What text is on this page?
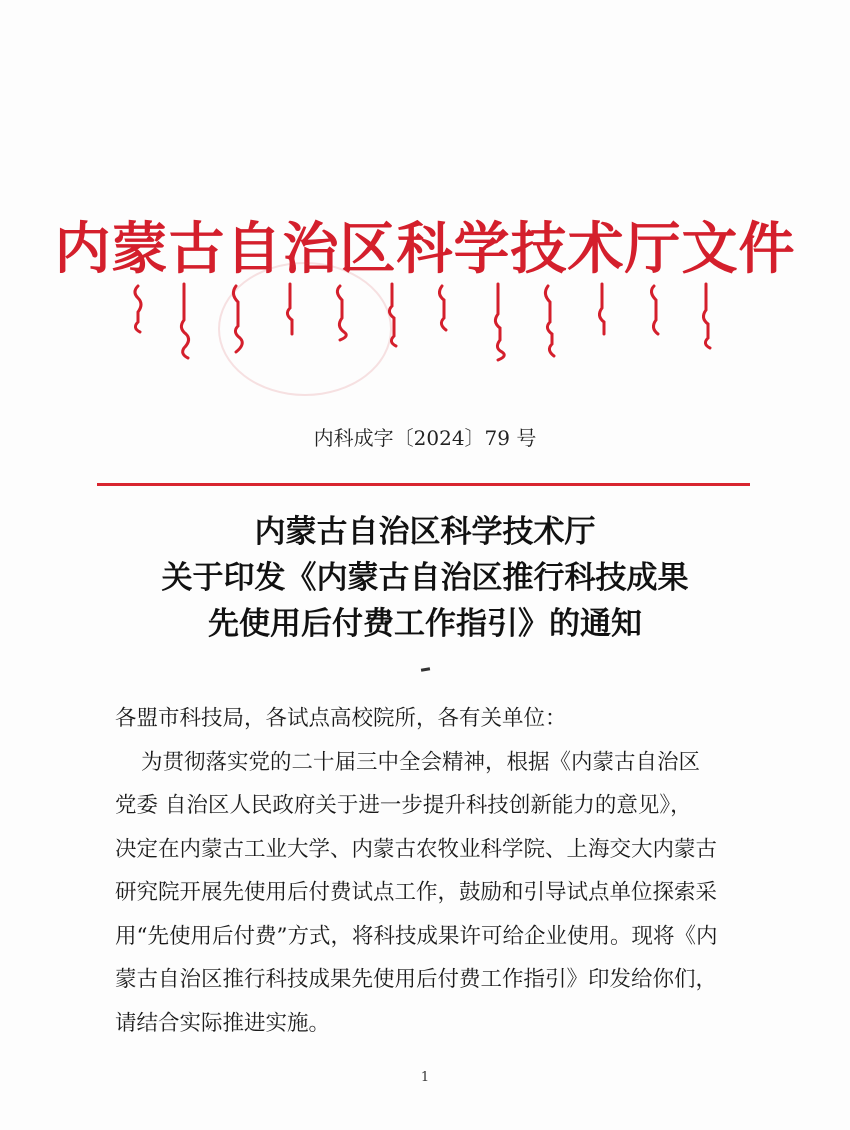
内蒙古自治区科学技术厅文件
内科成字〔2024〕79 号
内蒙古自治区科学技术厅
关于印发《内蒙古自治区推行科技成果
先使用后付费工作指引》的通知
各盟市科技局，各试点高校院所，各有关单位：
为贯彻落实党的二十届三中全会精神，根据《内蒙古自治区
党委 自治区人民政府关于进一步提升科技创新能力的意见》，
决定在内蒙古工业大学、内蒙古农牧业科学院、上海交大内蒙古
研究院开展先使用后付费试点工作，鼓励和引导试点单位探索采
用“先使用后付费”方式，将科技成果许可给企业使用。现将《内
蒙古自治区推行科技成果先使用后付费工作指引》印发给你们，
请结合实际推进实施。
1
